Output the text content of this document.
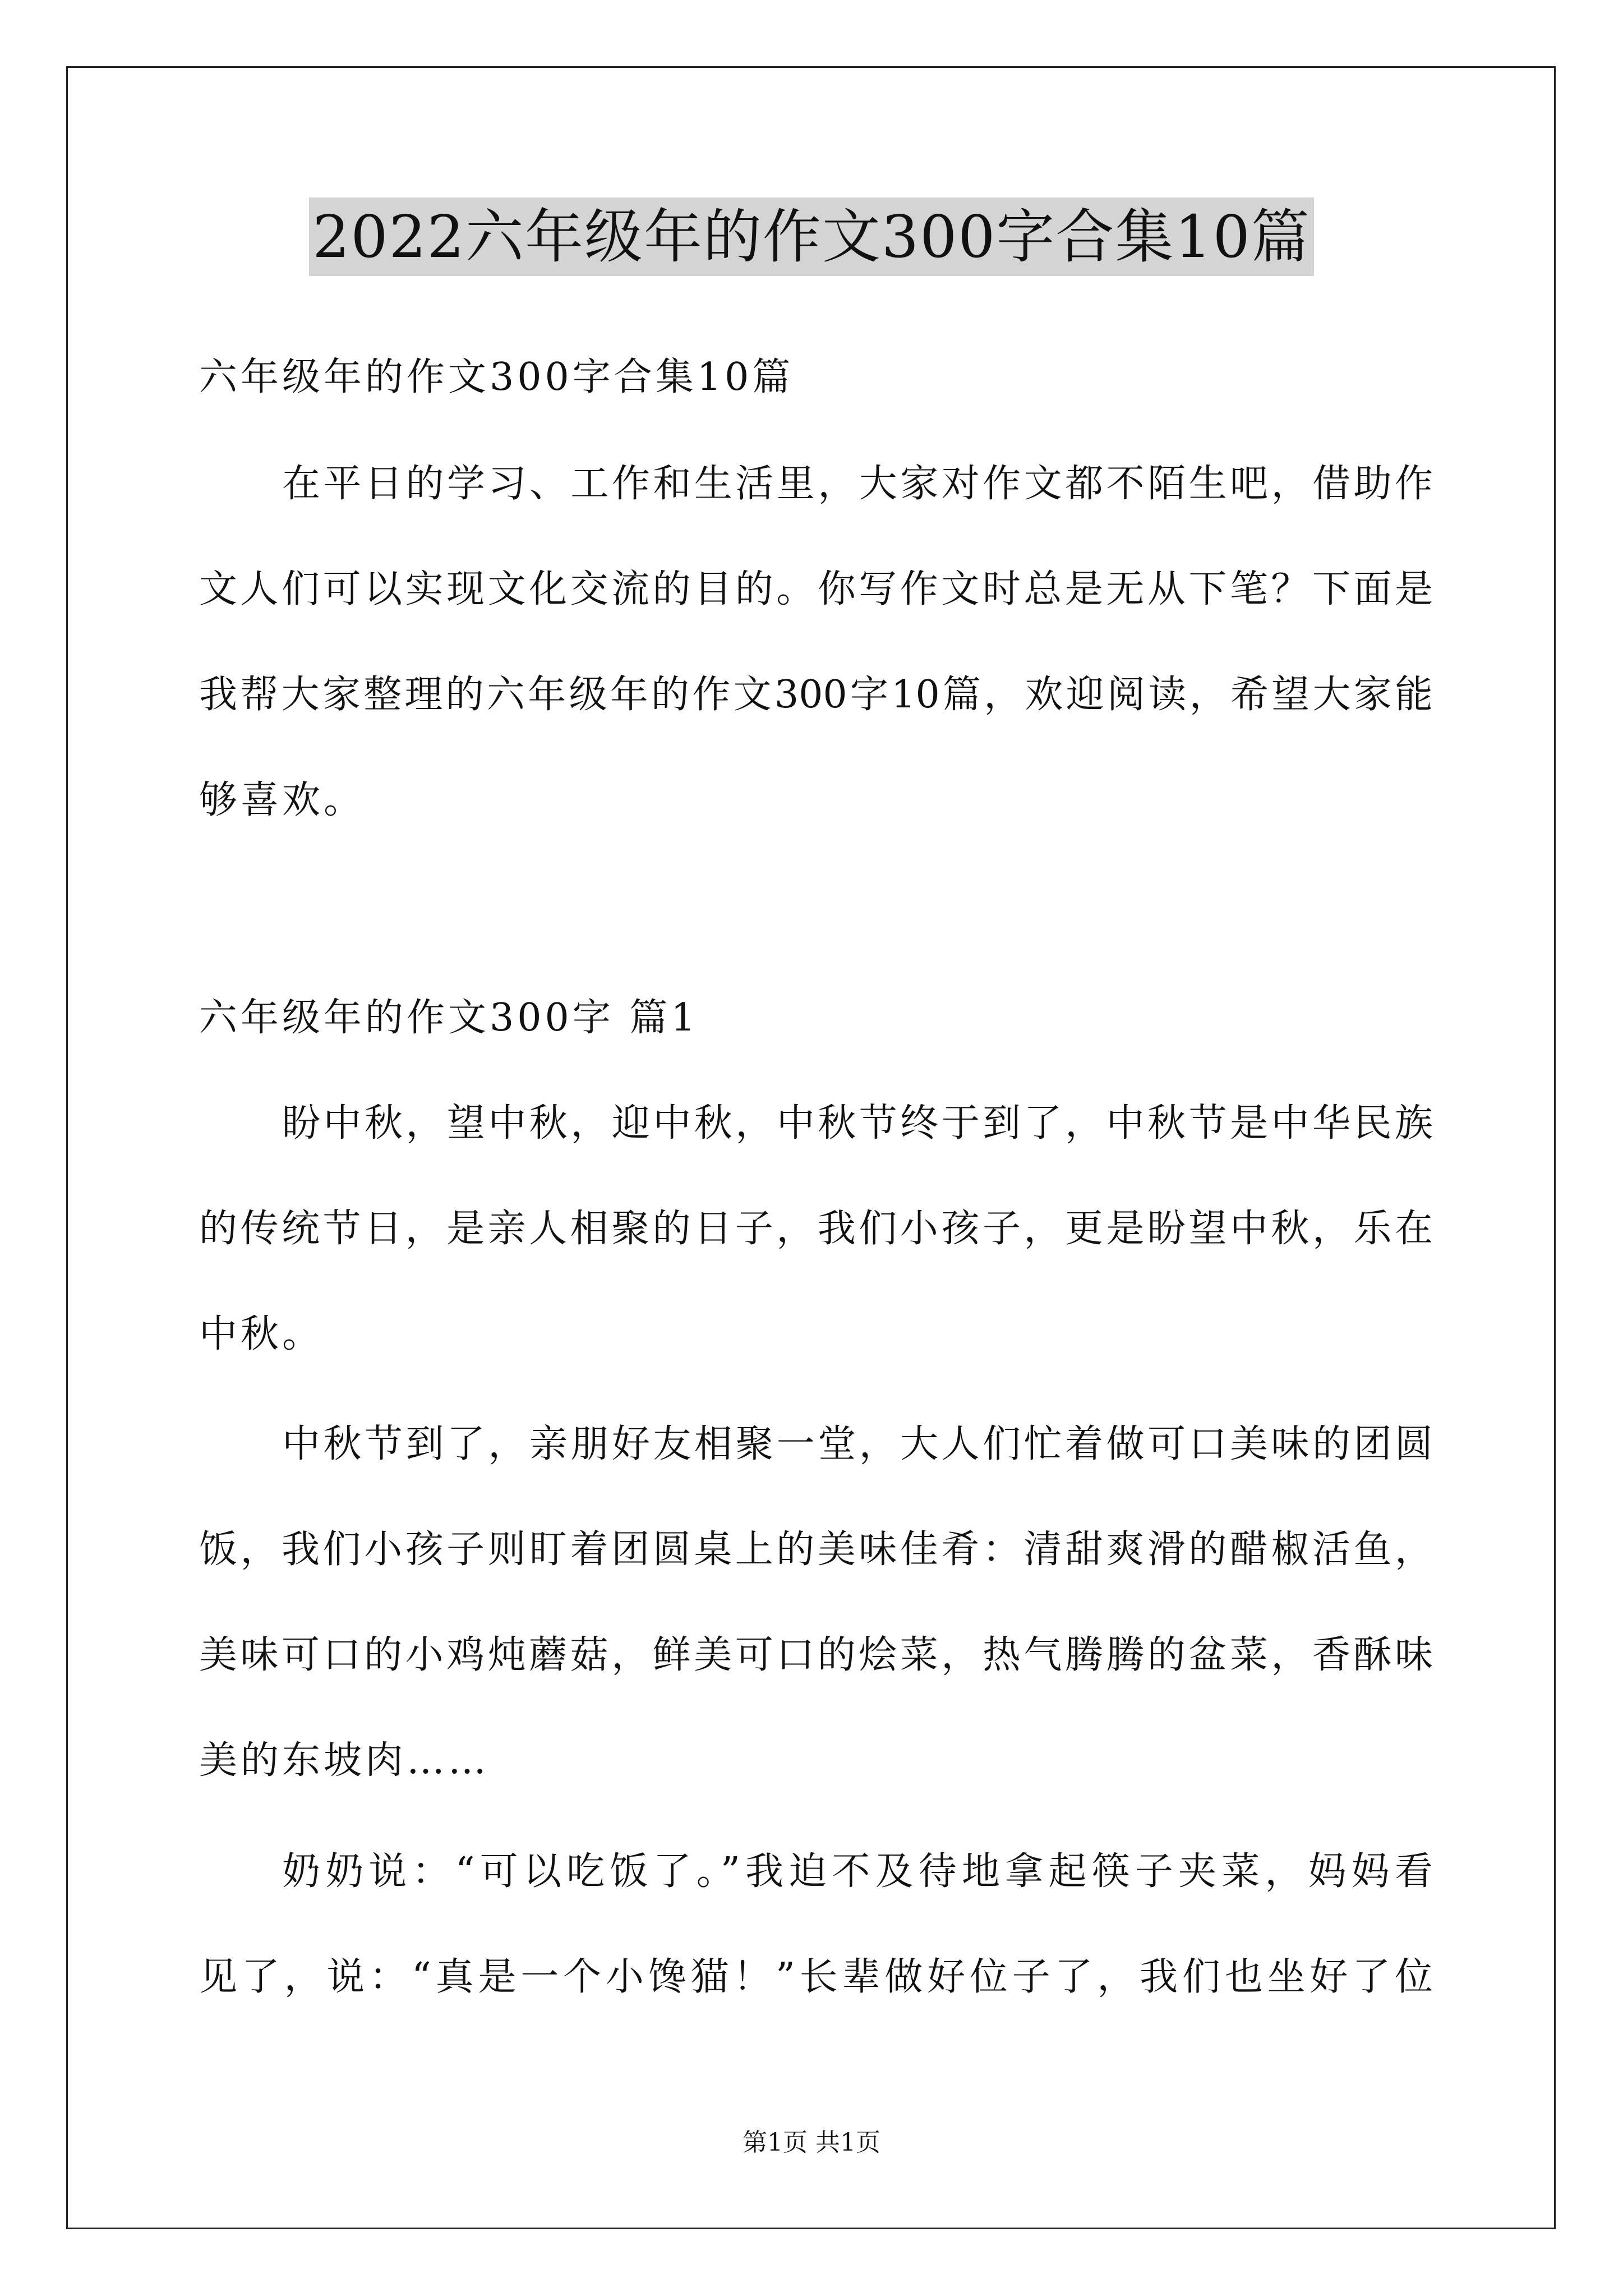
2022六年级年的作文300字合集10篇
六年级年的作文300字合集10篇
在平日的学习、工作和生活里，大家对作文都不陌生吧，借助作
文人们可以实现文化交流的目的。你写作文时总是无从下笔？下面是
我帮大家整理的六年级年的作文300字10篇，欢迎阅读，希望大家能
够喜欢。
六年级年的作文300字 篇1
盼中秋，望中秋，迎中秋，中秋节终于到了，中秋节是中华民族
的传统节日，是亲人相聚的日子，我们小孩子，更是盼望中秋，乐在
中秋。
中秋节到了，亲朋好友相聚一堂，大人们忙着做可口美味的团圆
饭，我们小孩子则盯着团圆桌上的美味佳肴：清甜爽滑的醋椒活鱼，
美味可口的小鸡炖蘑菇，鲜美可口的烩菜，热气腾腾的盆菜，香酥味
美的东坡肉……
奶奶说：“可以吃饭了。”我迫不及待地拿起筷子夹菜，妈妈看
见了，说：“真是一个小馋猫！”长辈做好位子了，我们也坐好了位
第1页 共1页
